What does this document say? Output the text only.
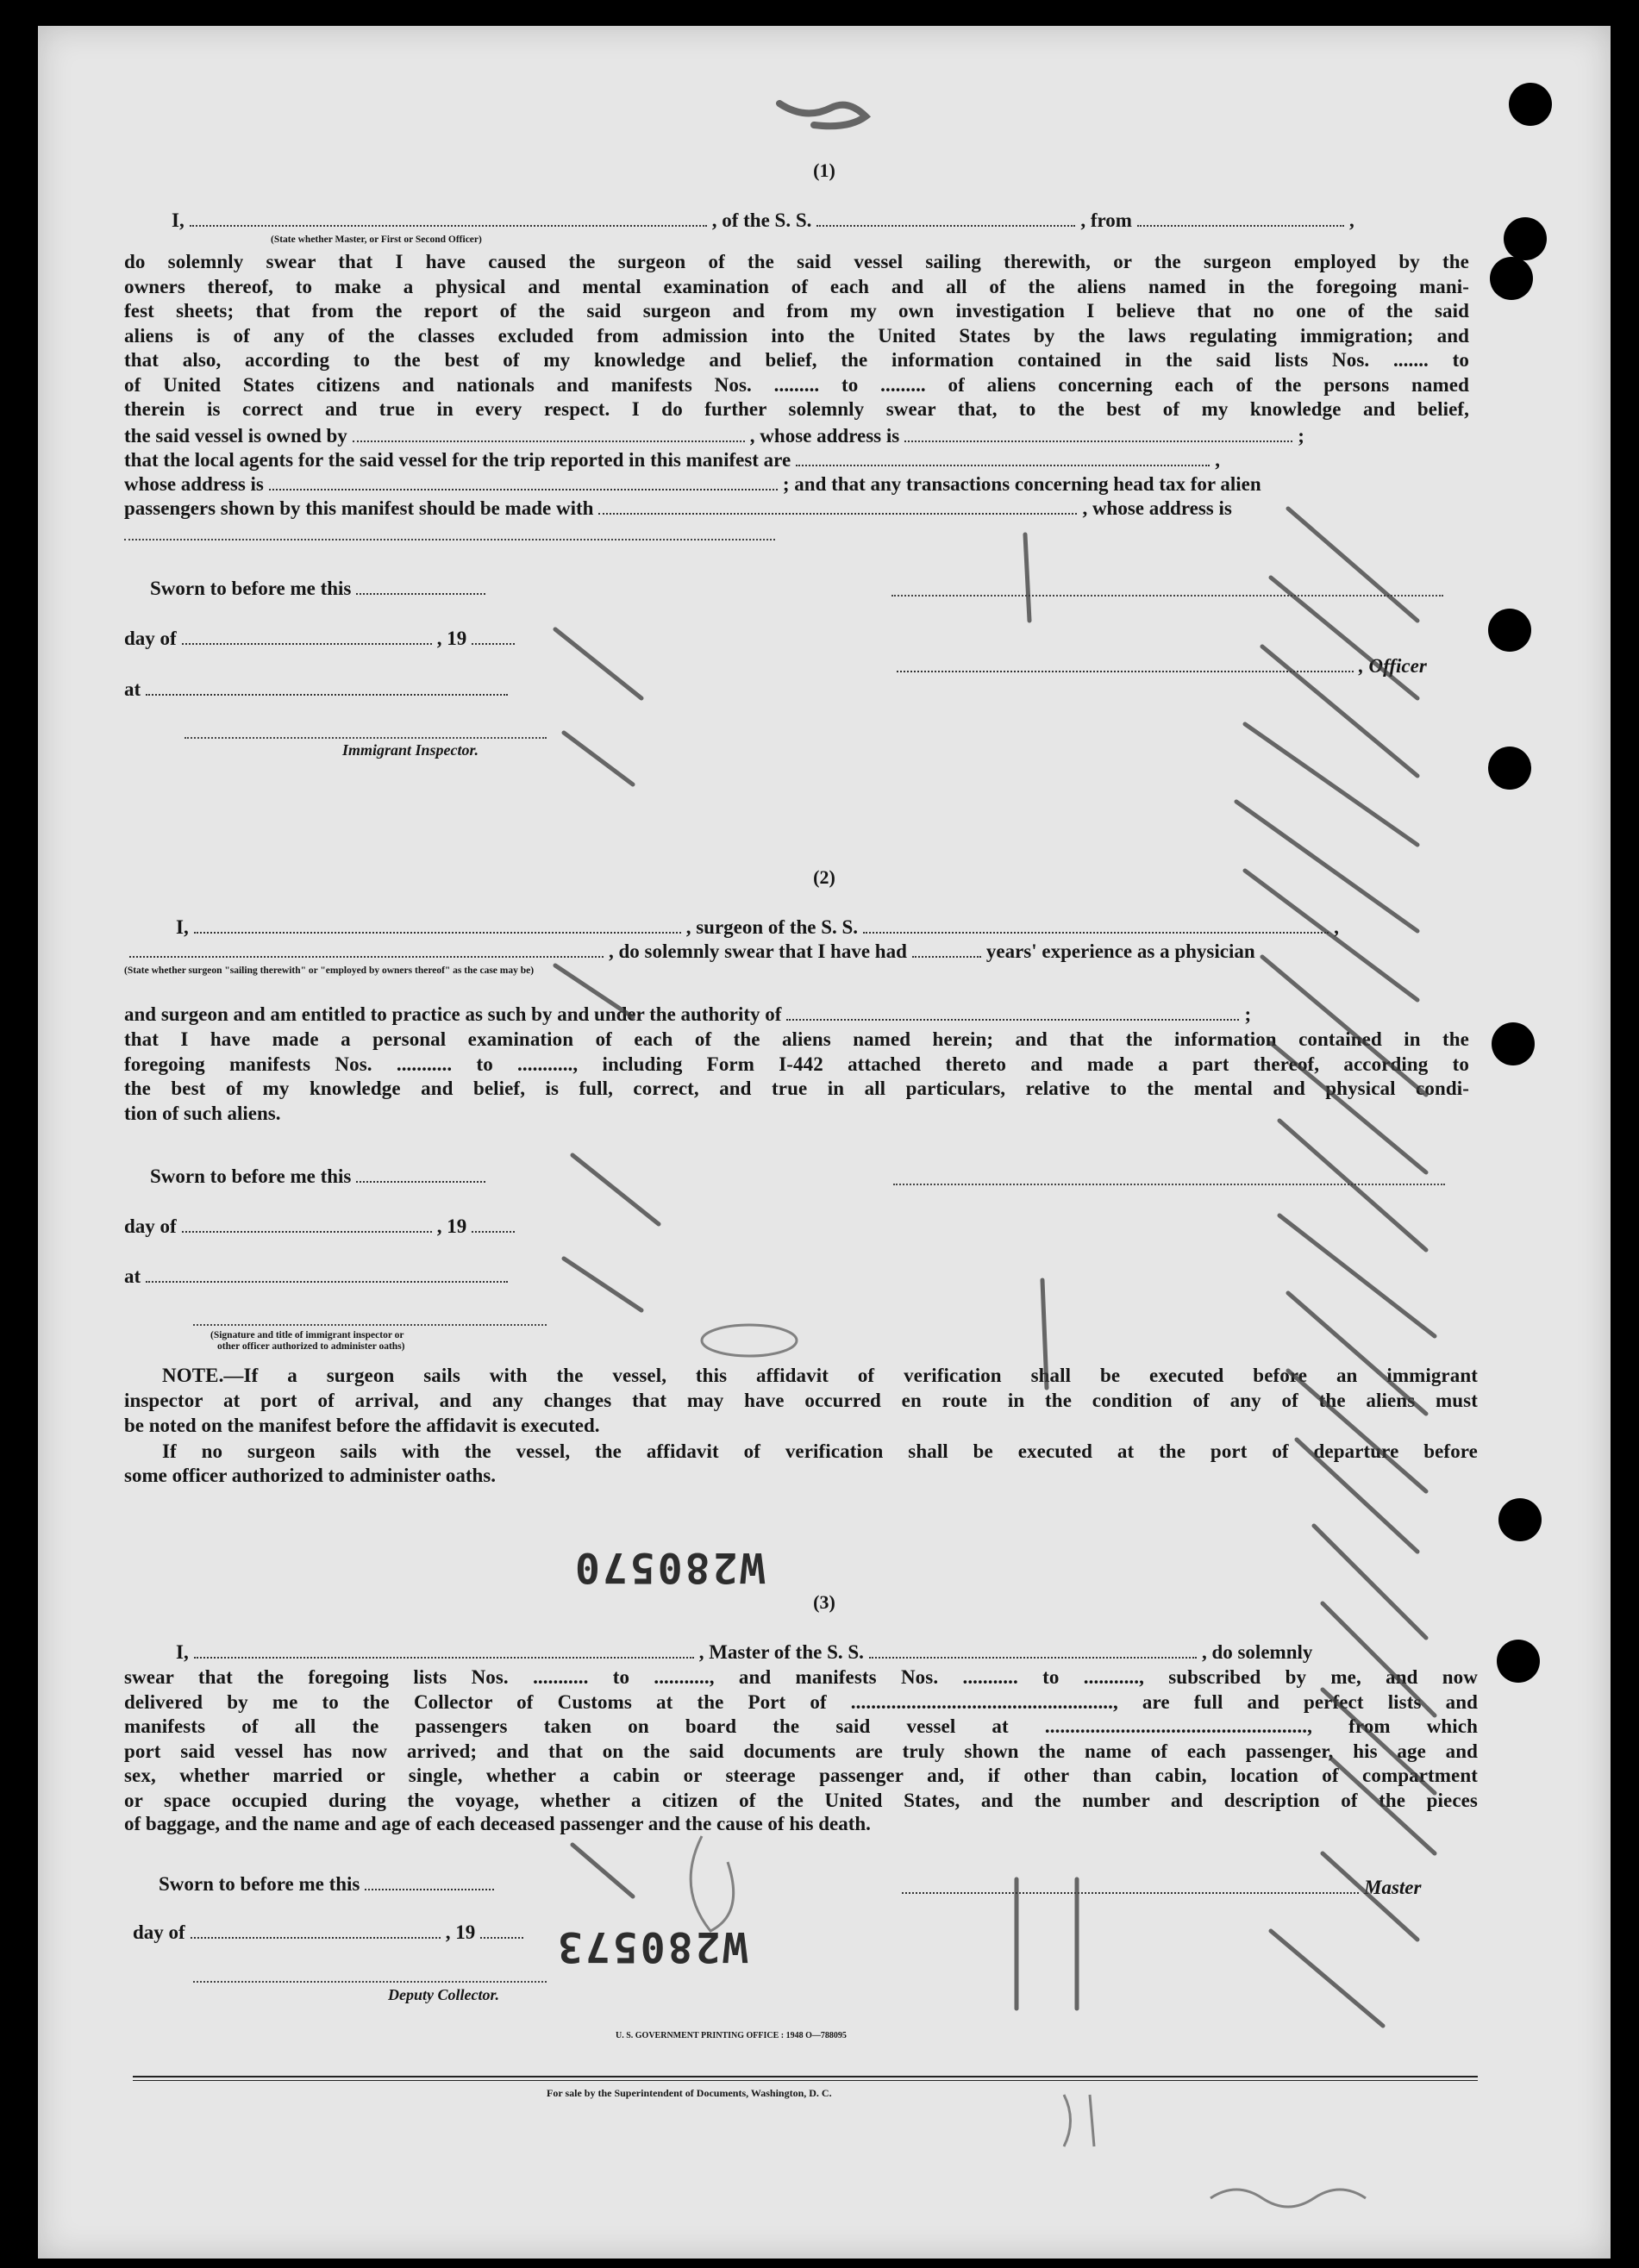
(1)
I,	, of the S. S.	, from	,
(State whether Master, or First or Second Officer)
do solemnly swear that I have caused the surgeon of the said vessel sailing therewith, or the surgeon employed by the
owners thereof, to make a physical and mental examination of each and all of the aliens named in the foregoing mani-
fest sheets; that from the report of the said surgeon and from my own investigation I believe that no one of the said
aliens is of any of the classes excluded from admission into the United States by the laws regulating immigration; and
that also, according to the best of my knowledge and belief, the information contained in the said lists Nos. ....... to
of United States citizens and nationals and manifests Nos. ......... to ......... of aliens concerning each of the persons named
therein is correct and true in every respect. I do further solemnly swear that, to the best of my knowledge and belief,
the said vessel is owned by	, whose address is	;
that the local agents for the said vessel for the trip reported in this manifest are	,
whose address is	; and that any transactions concerning head tax for alien
passengers shown by this manifest should be made with	, whose address is
Sworn to before me this
day of	, 19
, Officer
at
Immigrant Inspector.
(2)
I,	, surgeon of the S. S.	,
, do solemnly swear that I have had	years' experience as a physician
(State whether surgeon "sailing therewith" or "employed by owners thereof" as the case may be)
and surgeon and am entitled to practice as such by and under the authority of	;
that I have made a personal examination of each of the aliens named herein; and that the information contained in the
foregoing manifests Nos. ........... to ..........., including Form I-442 attached thereto and made a part thereof, according to
the best of my knowledge and belief, is full, correct, and true in all particulars, relative to the mental and physical condi-
tion of such aliens.
Sworn to before me this
day of	, 19
at
(Signature and title of immigrant inspector or
other officer authorized to administer oaths)
NOTE.—If a surgeon sails with the vessel, this affidavit of verification shall be executed before an immigrant
inspector at port of arrival, and any changes that may have occurred en route in the condition of any of the aliens must
be noted on the manifest before the affidavit is executed.
If no surgeon sails with the vessel, the affidavit of verification shall be executed at the port of departure before
some officer authorized to administer oaths.
(3)
I,	, Master of the S. S.	, do solemnly
swear that the foregoing lists Nos. ........... to ..........., and manifests Nos. ........... to ..........., subscribed by me, and now
delivered by me to the Collector of Customs at the Port of ...................................................., are full and perfect lists and
manifests of all the passengers taken on board the said vessel at ...................................................., from which
port said vessel has now arrived; and that on the said documents are truly shown the name of each passenger, his age and
sex, whether married or single, whether a cabin or steerage passenger and, if other than cabin, location of compartment
or space occupied during the voyage, whether a citizen of the United States, and the number and description of the pieces
of baggage, and the name and age of each deceased passenger and the cause of his death.
Sworn to before me this	Master
day of	, 19
Deputy Collector.
U. S. GOVERNMENT PRINTING OFFICE : 1948 O—788095
For sale by the Superintendent of Documents, Washington, D. C.
W280570
W280573
